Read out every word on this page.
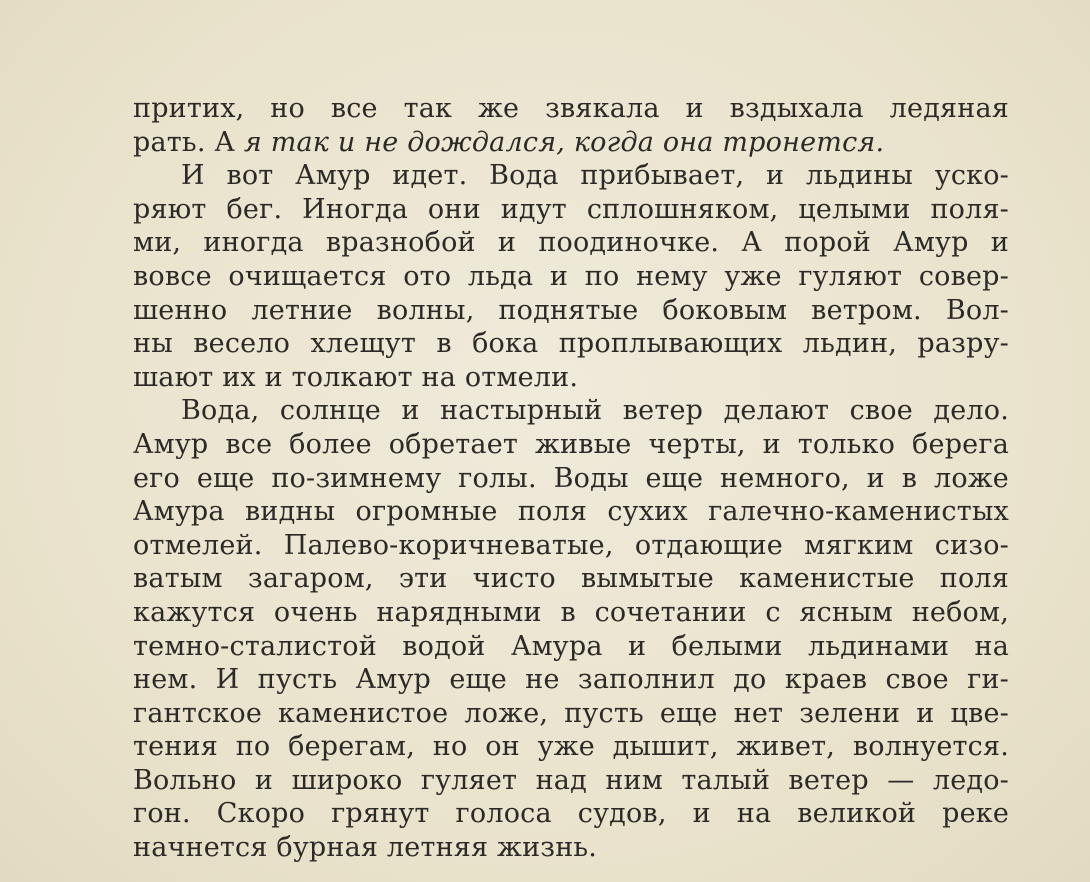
притих, но все так же звякала и вздыхала ледяная
рать. А я так и не дождался, когда она тронется.
И вот Амур идет. Вода прибывает, и льдины уско-
ряют бег. Иногда они идут сплошняком, целыми поля-
ми, иногда вразнобой и поодиночке. А порой Амур и
вовсе очищается ото льда и по нему уже гуляют совер-
шенно летние волны, поднятые боковым ветром. Вол-
ны весело хлещут в бока проплывающих льдин, разру-
шают их и толкают на отмели.
Вода, солнце и настырный ветер делают свое дело.
Амур все более обретает живые черты, и только берега
его еще по-зимнему голы. Воды еще немного, и в ложе
Амура видны огромные поля сухих галечно-каменистых
отмелей. Палево-коричневатые, отдающие мягким сизо-
ватым загаром, эти чисто вымытые каменистые поля
кажутся очень нарядными в сочетании с ясным небом,
темно-сталистой водой Амура и белыми льдинами на
нем. И пусть Амур еще не заполнил до краев свое ги-
гантское каменистое ложе, пусть еще нет зелени и цве-
тения по берегам, но он уже дышит, живет, волнуется.
Вольно и широко гуляет над ним талый ветер — ледо-
гон. Скоро грянут голоса судов, и на великой реке
начнется бурная летняя жизнь.
